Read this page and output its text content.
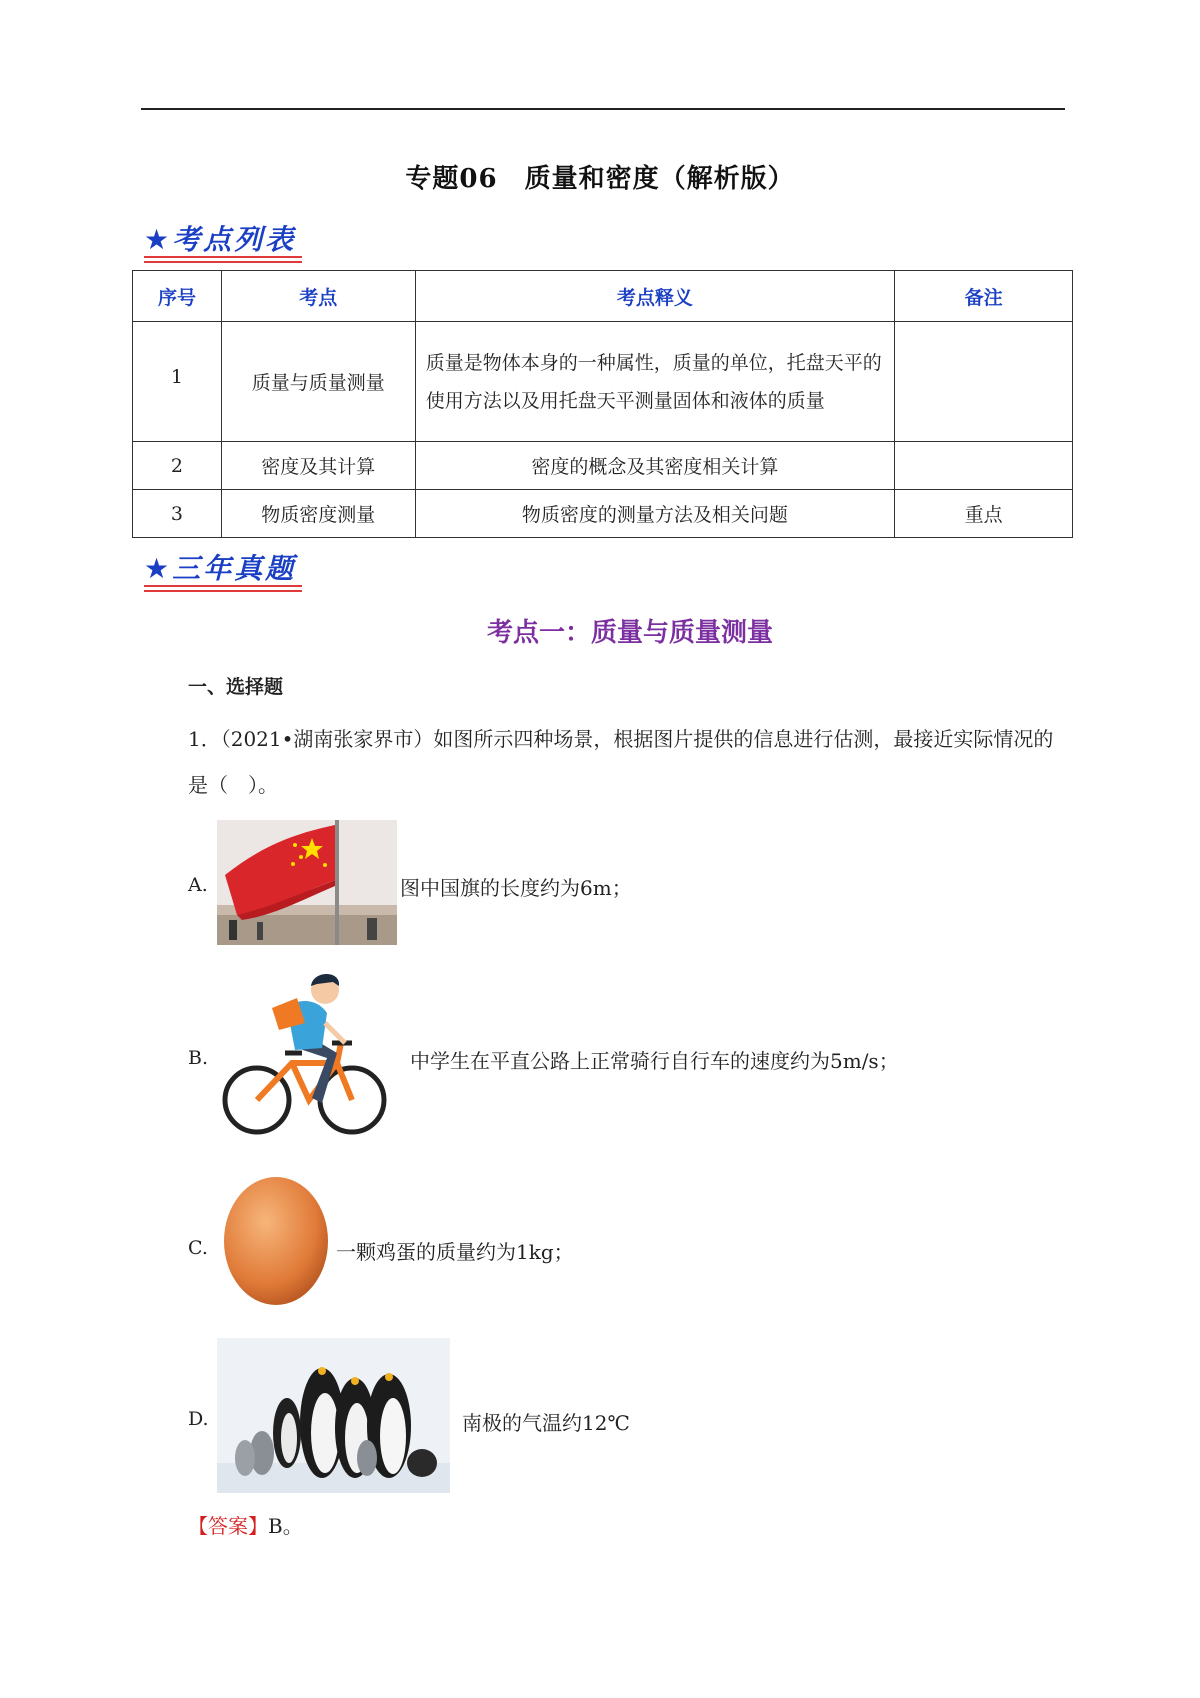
专题06　质量和密度（解析版）
★考点列表
序号	考点	考点释义	备注
1	质量与质量测量	质量是物体本身的一种属性，质量的单位，托盘天平的使用方法以及用托盘天平测量固体和液体的质量	
2	密度及其计算	密度的概念及其密度相关计算	
3	物质密度测量	物质密度的测量方法及相关问题	重点
★三年真题
考点一：质量与质量测量
一、选择题
1．（2021•湖南张家界市）如图所示四种场景，根据图片提供的信息进行估测，最接近实际情况的是（　）。
A.	图中国旗的长度约为6m；
B.	中学生在平直公路上正常骑行自行车的速度约为5m/s；
C.	一颗鸡蛋的质量约为1kg；
D.	南极的气温约12℃
【答案】B。
